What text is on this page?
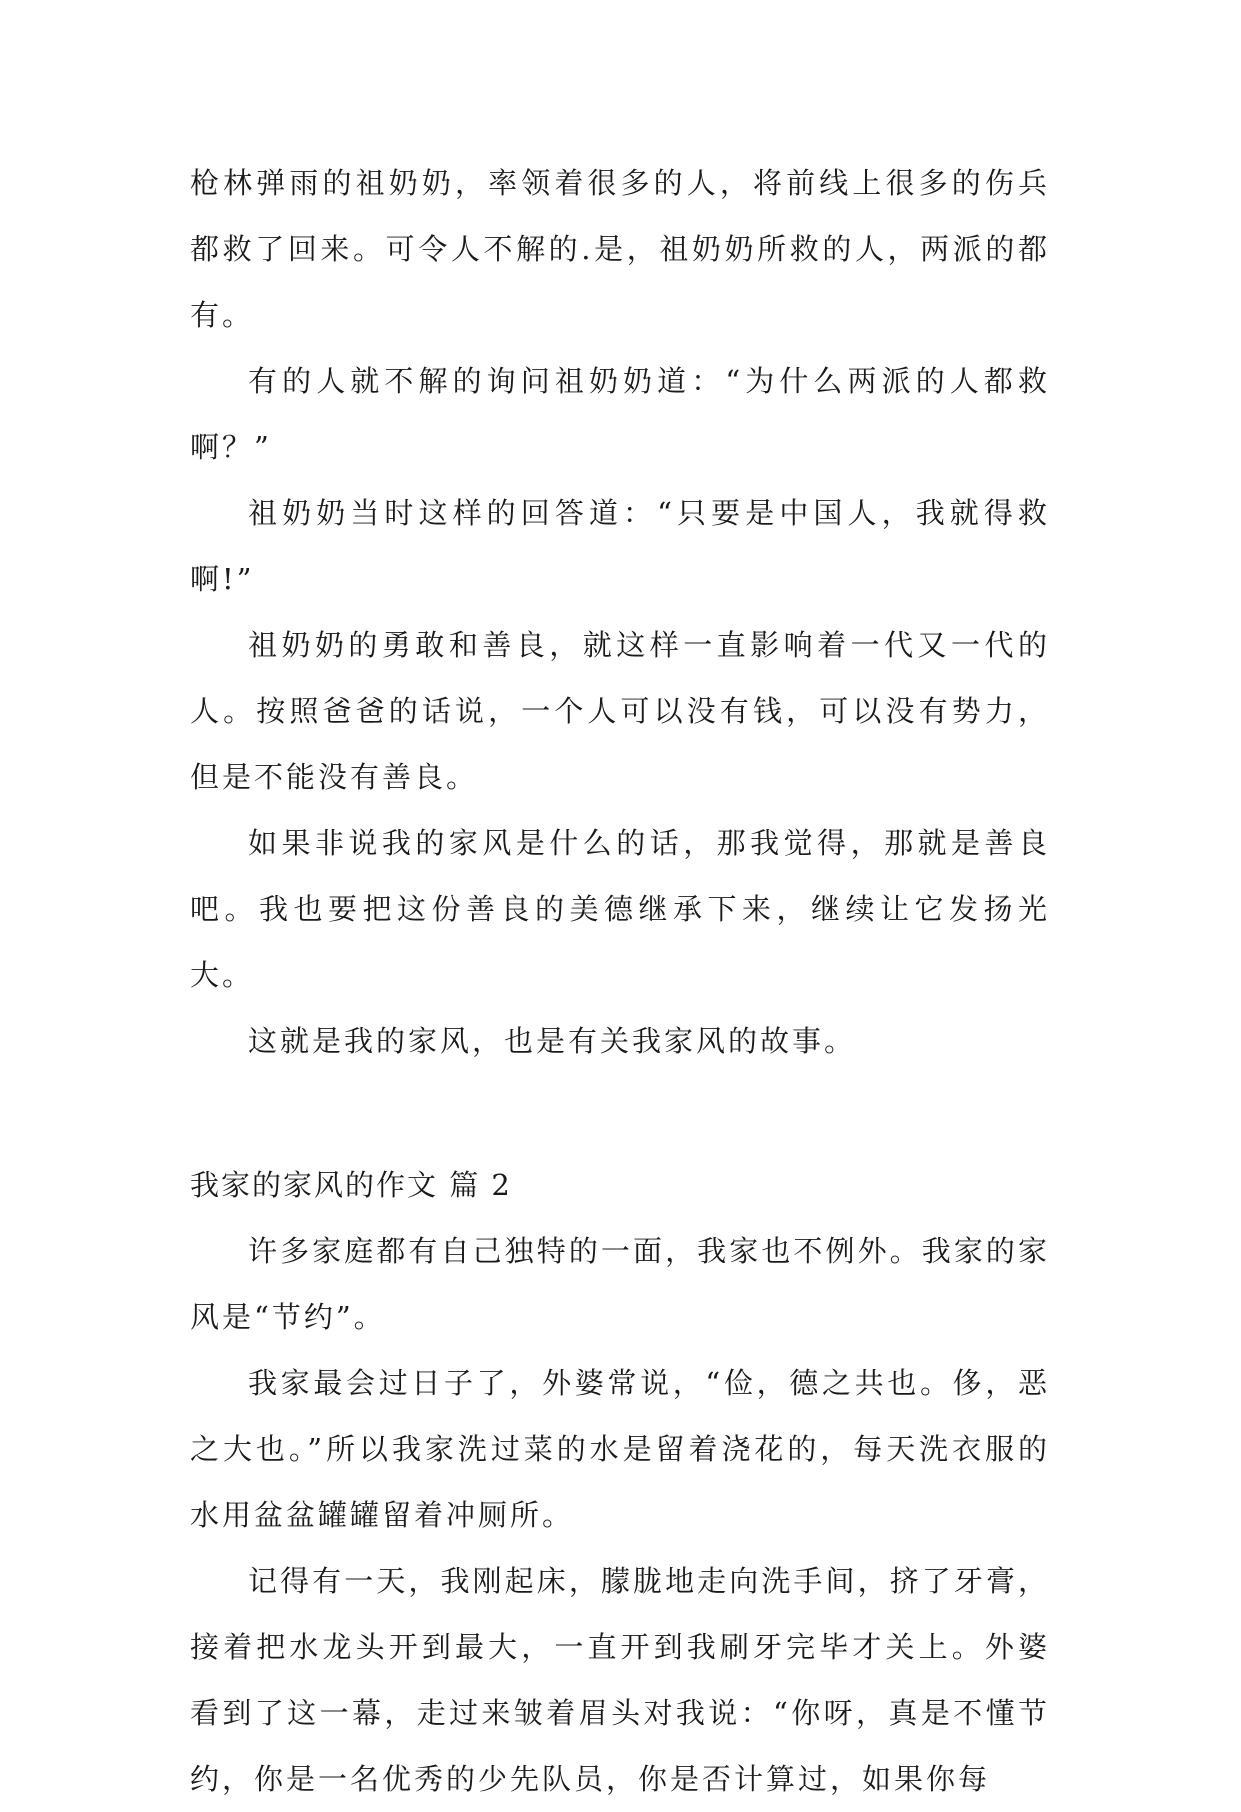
枪林弹雨的祖奶奶，率领着很多的人，将前线上很多的伤兵都救了回来。可令人不解的.是，祖奶奶所救的人，两派的都有。

有的人就不解的询问祖奶奶道：“为什么两派的人都救啊？”

祖奶奶当时这样的回答道：“只要是中国人，我就得救啊!”

祖奶奶的勇敢和善良，就这样一直影响着一代又一代的人。按照爸爸的话说，一个人可以没有钱，可以没有势力，但是不能没有善良。

如果非说我的家风是什么的话，那我觉得，那就是善良吧。我也要把这份善良的美德继承下来，继续让它发扬光大。

这就是我的家风，也是有关我家风的故事。

我家的家风的作文 篇 2

许多家庭都有自己独特的一面，我家也不例外。我家的家风是“节约”。

我家最会过日子了，外婆常说，“俭，德之共也。侈，恶之大也。”所以我家洗过菜的水是留着浇花的，每天洗衣服的水用盆盆罐罐留着冲厕所。

记得有一天，我刚起床，朦胧地走向洗手间，挤了牙膏，接着把水龙头开到最大，一直开到我刷牙完毕才关上。外婆看到了这一幕，走过来皱着眉头对我说：“你呀，真是不懂节约，你是一名优秀的少先队员，你是否计算过，如果你每
